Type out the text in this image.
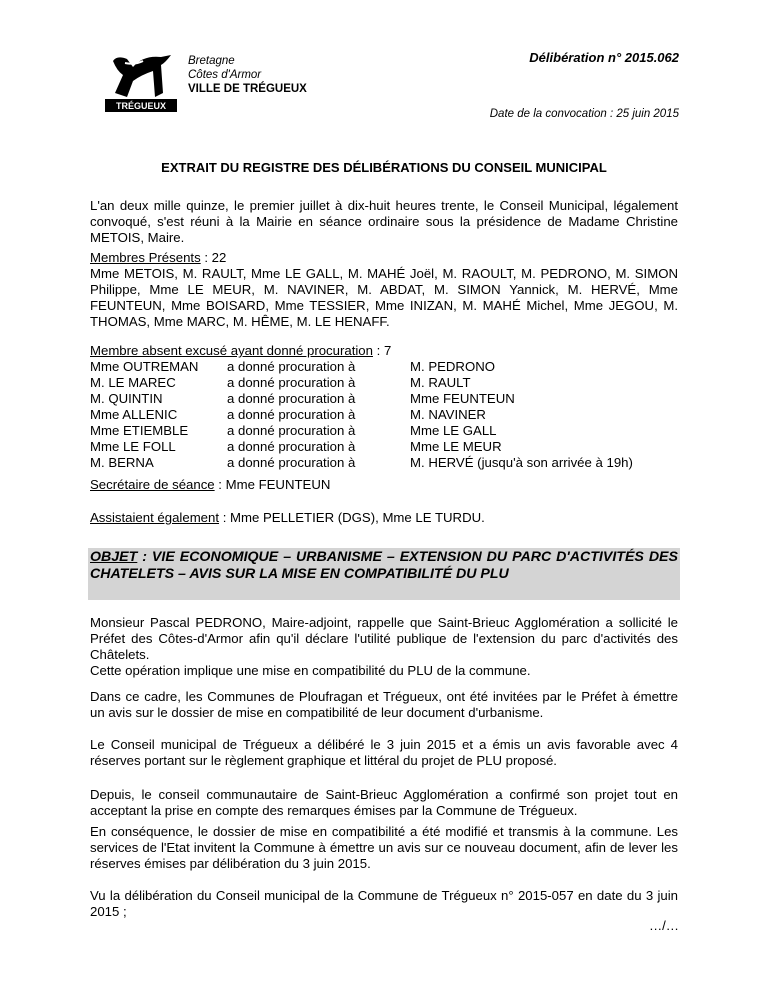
TRÉGUEUX
Bretagne
Côtes d'Armor
VILLE DE TRÉGUEUX
Délibération n° 2015.062
Date de la convocation : 25 juin 2015
EXTRAIT DU REGISTRE DES DÉLIBÉRATIONS DU CONSEIL MUNICIPAL
L'an deux mille quinze, le premier juillet à dix-huit heures trente, le Conseil Municipal, légalement convoqué, s'est réuni à la Mairie en séance ordinaire sous la présidence de Madame Christine METOIS, Maire.
Membres Présents : 22
Mme METOIS, M. RAULT, Mme LE GALL, M. MAHÉ Joël, M. RAOULT, M. PEDRONO, M. SIMON Philippe, Mme LE MEUR, M. NAVINER, M. ABDAT, M. SIMON Yannick, M. HERVÉ, Mme FEUNTEUN, Mme BOISARD, Mme TESSIER, Mme INIZAN, M. MAHÉ Michel, Mme JEGOU, M. THOMAS, Mme MARC, M. HÊME, M. LE HENAFF.
Membre absent excusé ayant donné procuration : 7
Mme OUTREMAN a donné procuration à	M. PEDRONO
M. LE MAREC	a donné procuration à	M. RAULT
M. QUINTIN	a donné procuration à	Mme FEUNTEUN
Mme ALLENIC	a donné procuration à	M. NAVINER
Mme ETIEMBLE	a donné procuration à	Mme LE GALL
Mme LE FOLL	a donné procuration à	Mme LE MEUR
M. BERNA	a donné procuration à	M. HERVÉ (jusqu'à son arrivée à 19h)
Secrétaire de séance : Mme FEUNTEUN
Assistaient également : Mme PELLETIER (DGS), Mme LE TURDU.
OBJET : VIE ECONOMIQUE – URBANISME – EXTENSION DU PARC D'ACTIVITÉS DES CHATELETS – AVIS SUR LA MISE EN COMPATIBILITÉ DU PLU
Monsieur Pascal PEDRONO, Maire-adjoint, rappelle que Saint-Brieuc Agglomération a sollicité le Préfet des Côtes-d'Armor afin qu'il déclare l'utilité publique de l'extension du parc d'activités des Châtelets.
Cette opération implique une mise en compatibilité du PLU de la commune.
Dans ce cadre, les Communes de Ploufragan et Trégueux, ont été invitées par le Préfet à émettre un avis sur le dossier de mise en compatibilité de leur document d'urbanisme.
Le Conseil municipal de Trégueux a délibéré le 3 juin 2015 et a émis un avis favorable avec 4 réserves portant sur le règlement graphique et littéral du projet de PLU proposé.
Depuis, le conseil communautaire de Saint-Brieuc Agglomération a confirmé son projet tout en acceptant la prise en compte des remarques émises par la Commune de Trégueux.
En conséquence, le dossier de mise en compatibilité a été modifié et transmis à la commune. Les services de l'Etat invitent la Commune à émettre un avis sur ce nouveau document, afin de lever les réserves émises par délibération du 3 juin 2015.
Vu la délibération du Conseil municipal de la Commune de Trégueux n° 2015-057 en date du 3 juin 2015 ;
…/…
